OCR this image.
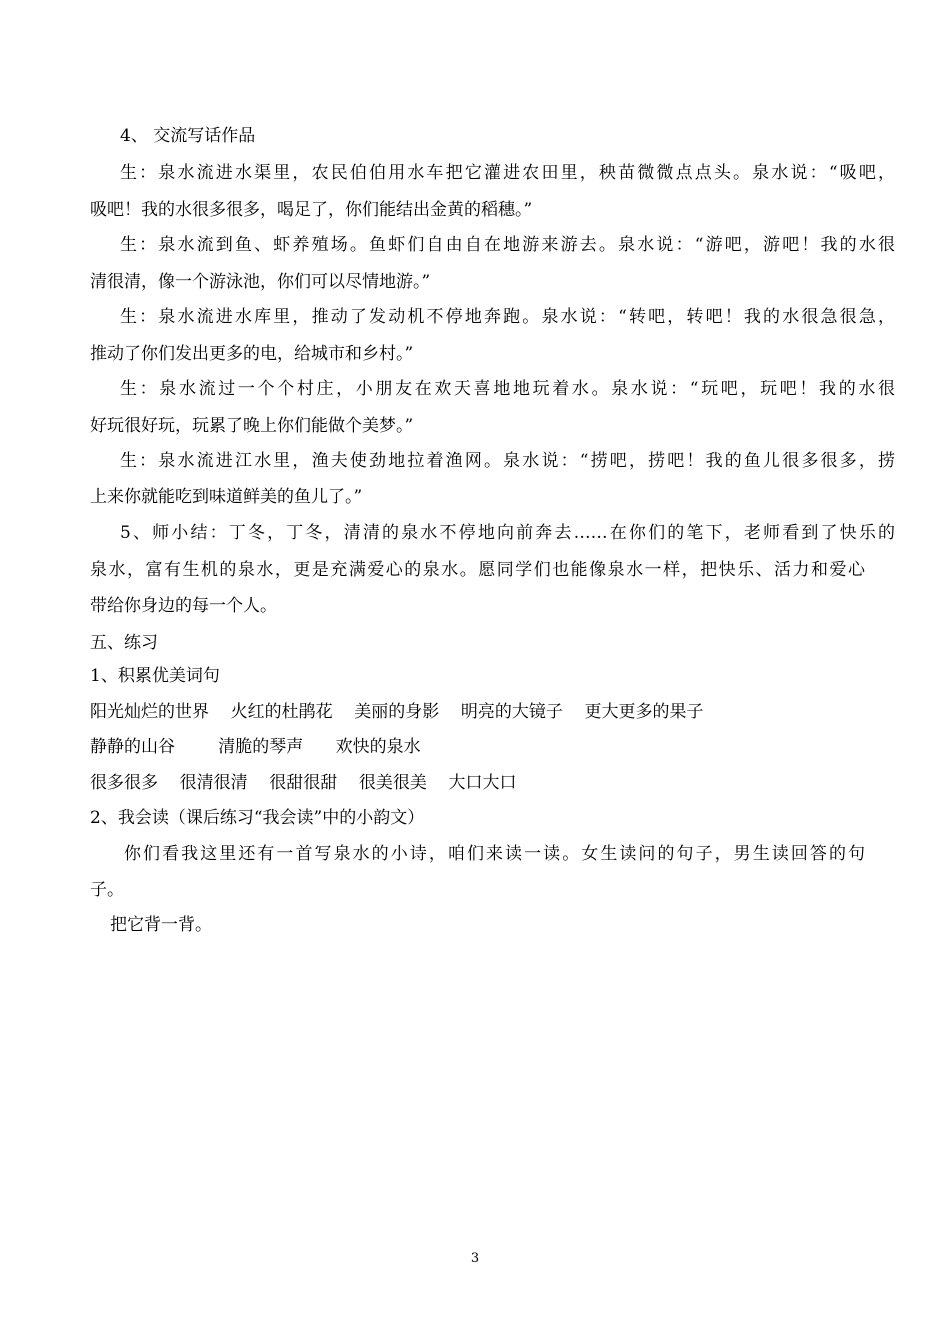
4、 交流写话作品
生：泉水流进水渠里，农民伯伯用水车把它灌进农田里，秧苗微微点点头。泉水说：“吸吧，
吸吧！我的水很多很多，喝足了，你们能结出金黄的稻穗。”
生：泉水流到鱼、虾养殖场。鱼虾们自由自在地游来游去。泉水说：“游吧，游吧！我的水很
清很清，像一个游泳池，你们可以尽情地游。”
生：泉水流进水库里，推动了发动机不停地奔跑。泉水说：“转吧，转吧！我的水很急很急，
推动了你们发出更多的电，给城市和乡村。”
生：泉水流过一个个村庄，小朋友在欢天喜地地玩着水。泉水说：“玩吧，玩吧！我的水很
好玩很好玩，玩累了晚上你们能做个美梦。”
生：泉水流进江水里，渔夫使劲地拉着渔网。泉水说：“捞吧，捞吧！我的鱼儿很多很多，捞
上来你就能吃到味道鲜美的鱼儿了。”
5、师小结：丁冬，丁冬，清清的泉水不停地向前奔去……在你们的笔下，老师看到了快乐的
泉水，富有生机的泉水，更是充满爱心的泉水。愿同学们也能像泉水一样，把快乐、活力和爱心
带给你身边的每一个人。
五、练习
1、积累优美词句
阳光灿烂的世界    火红的杜鹃花    美丽的身影    明亮的大镜子    更大更多的果子
静静的山谷        清脆的琴声      欢快的泉水
很多很多    很清很清    很甜很甜    很美很美    大口大口
2、我会读（课后练习“我会读”中的小韵文）
你们看我这里还有一首写泉水的小诗，咱们来读一读。女生读问的句子，男生读回答的句
子。
把它背一背。
3
